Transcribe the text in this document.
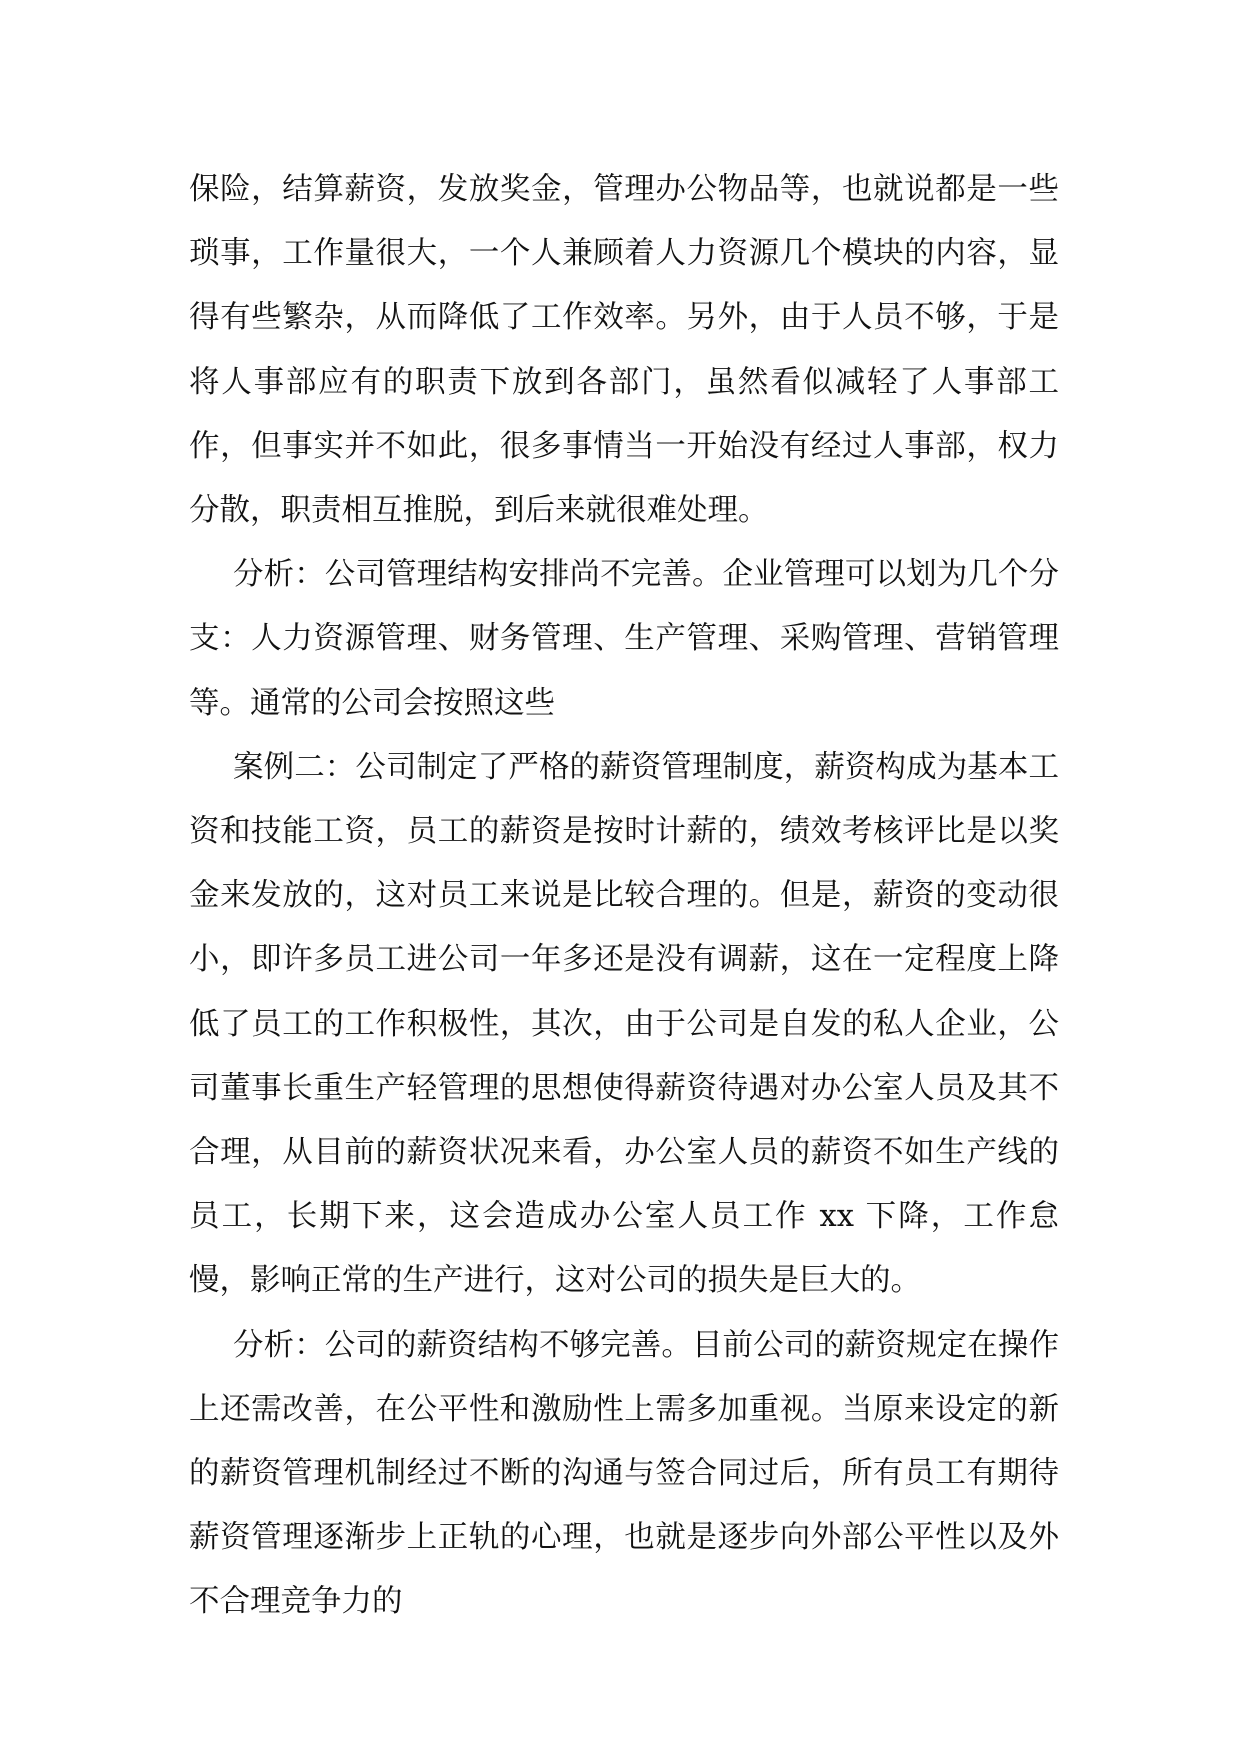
保险，结算薪资，发放奖金，管理办公物品等，也就说都是一些琐事，工作量很大，一个人兼顾着人力资源几个模块的内容，显得有些繁杂，从而降低了工作效率。另外，由于人员不够，于是将人事部应有的职责下放到各部门，虽然看似减轻了人事部工作，但事实并不如此，很多事情当一开始没有经过人事部，权力分散，职责相互推脱，到后来就很难处理。

分析：公司管理结构安排尚不完善。企业管理可以划为几个分支：人力资源管理、财务管理、生产管理、采购管理、营销管理等。通常的公司会按照这些

案例二：公司制定了严格的薪资管理制度，薪资构成为基本工资和技能工资，员工的薪资是按时计薪的，绩效考核评比是以奖金来发放的，这对员工来说是比较合理的。但是，薪资的变动很小，即许多员工进公司一年多还是没有调薪，这在一定程度上降低了员工的工作积极性，其次，由于公司是自发的私人企业，公司董事长重生产轻管理的思想使得薪资待遇对办公室人员及其不合理，从目前的薪资状况来看，办公室人员的薪资不如生产线的员工，长期下来，这会造成办公室人员工作 xx 下降，工作怠慢，影响正常的生产进行，这对公司的损失是巨大的。

分析：公司的薪资结构不够完善。目前公司的薪资规定在操作上还需改善，在公平性和激励性上需多加重视。当原来设定的新的薪资管理机制经过不断的沟通与签合同过后，所有员工有期待薪资管理逐渐步上正轨的心理，也就是逐步向外部公平性以及外不合理竞争力的
